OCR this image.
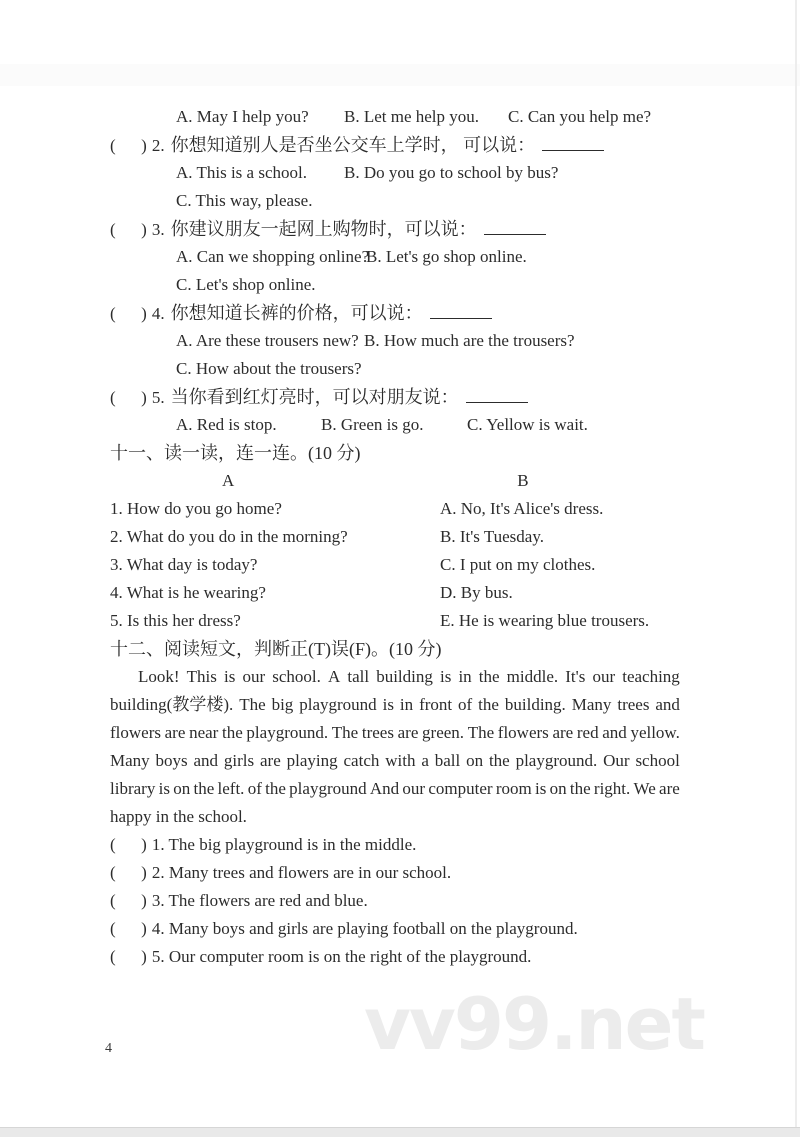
A. May I help you? B. Let me help you. C. Can you help me?
(      ) 2. 你想知道别人是否坐公交车上学时， 可以说：
A. This is a school. B. Do you go to school by bus?
C. This way, please.
(      ) 3. 你建议朋友一起网上购物时，可以说：
A. Can we shopping online?B. Let's go shop online.
C. Let's shop online.
(      ) 4. 你想知道长裤的价格，可以说：
A. Are these trousers new? B. How much are the trousers?
C. How about the trousers?
(      ) 5. 当你看到红灯亮时，可以对朋友说：
A. Red is stop.	B. Green is go.	C. Yellow is wait.
十一、读一读，连一连。(10 分)
A	B
1. How do you go home?	A. No, It's Alice's dress.
2. What do you do in the morning?	B. It's Tuesday.
3. What day is today?	C. I put on my clothes.
4. What is he wearing?	D. By bus.
5. Is this her dress?	E. He is wearing blue trousers.
十二、阅读短文，判断正(T)误(F)。(10 分)
Look! This is our school. A tall building is in the middle. It's our teaching
building(教学楼). The big playground is in front of the building. Many trees and
flowers are near the playground. The trees are green. The flowers are red and yellow.
Many boys and girls are playing catch with a ball on the playground. Our school
library is on the left. of the playground And our computer room is on the right. We are
happy in the school.
(      ) 1. The big playground is in the middle.
(      ) 2. Many trees and flowers are in our school.
(      ) 3. The flowers are red and blue.
(      ) 4. Many boys and girls are playing football on the playground.
(      ) 5. Our computer room is on the right of the playground.
vv99.net
4
